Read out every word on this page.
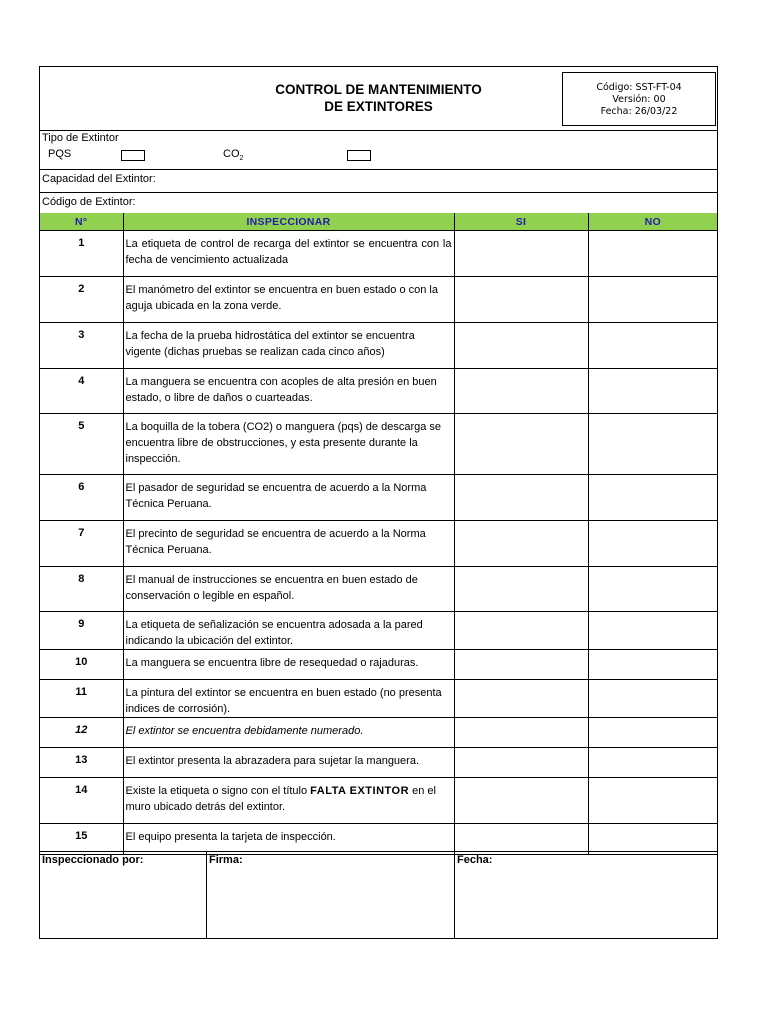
CONTROL DE MANTENIMIENTO
DE EXTINTORES
Código: SST-FT-04
Versión: 00
Fecha: 26/03/22
Tipo de Extintor
PQS	$CO_2$
Capacidad del Extintor:
Código de Extintor:
N°	INSPECCIONAR	SI	NO
1	La etiqueta de control de recarga del extintor se encuentra con la fecha de vencimiento actualizada		
2	El manómetro del extintor se encuentra en buen estado o con la aguja ubicada en la zona verde.		
3	La fecha de la prueba hidrostática del extintor se encuentra vigente (dichas pruebas se realizan cada cinco años)		
4	La manguera se encuentra con acoples de alta presión en buen estado, o libre de daños o cuarteadas.		
5	La boquilla de la tobera (CO2) o manguera (pqs) de descarga se encuentra libre de obstrucciones, y esta presente durante la inspección.		
6	El pasador de seguridad se encuentra de acuerdo a la Norma Técnica Peruana.		
7	El precinto de seguridad se encuentra de acuerdo a la Norma Técnica Peruana.		
8	El manual de instrucciones se encuentra en buen estado de conservación o legible en español.		
9	La etiqueta de señalización se encuentra adosada a la pared indicando la ubicación del extintor.		
10	La manguera se encuentra libre de resequedad o rajaduras.		
11	La pintura del extintor se encuentra en buen estado (no presenta indices de corrosión).		
12	El extintor se encuentra debidamente numerado.		
13	El extintor presenta la abrazadera para sujetar la manguera.		
14	Existe la etiqueta o signo con el título FALTA EXTINTOR en el muro ubicado detrás del extintor.		
15	El equipo presenta la tarjeta de inspección.		
Inspeccionado por:	Firma:	Fecha:
